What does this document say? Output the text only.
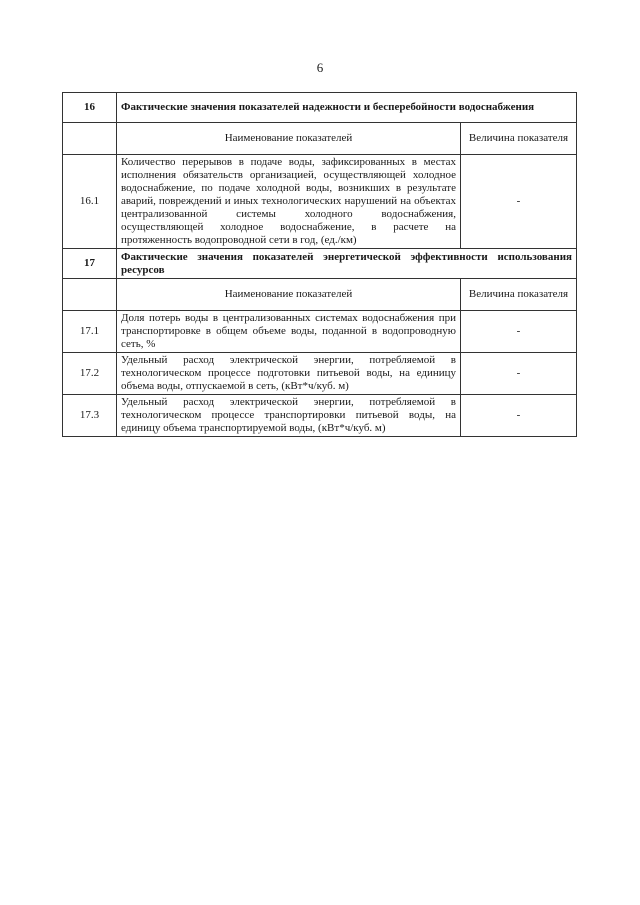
6
16	Фактические значения показателей надежности и бесперебойности водоснабжения	
	Наименование показателей	Величина показателя
16.1	Количество перерывов в подаче воды, зафиксированных в местах исполнения обязательств организацией, осуществляющей холодное водоснабжение, по подаче холодной воды, возникших в результате аварий, повреждений и иных технологических нарушений на объектах централизованной системы холодного водоснабжения, осуществляющей холодное водоснабжение, в расчете на протяженность водопроводной сети в год, (ед./км)	-
17	Фактические значения показателей энергетической эффективности использования ресурсов	
	Наименование показателей	Величина показателя
17.1	Доля потерь воды в централизованных системах водоснабжения при транспортировке в общем объеме воды, поданной в водопроводную сеть, %	-
17.2	Удельный расход электрической энергии, потребляемой в технологическом процессе подготовки питьевой воды, на единицу объема воды, отпускаемой в сеть, (кВт*ч/куб. м)	-
17.3	Удельный расход электрической энергии, потребляемой в технологическом процессе транспортировки питьевой воды, на единицу объема транспортируемой воды, (кВт*ч/куб. м)	-
